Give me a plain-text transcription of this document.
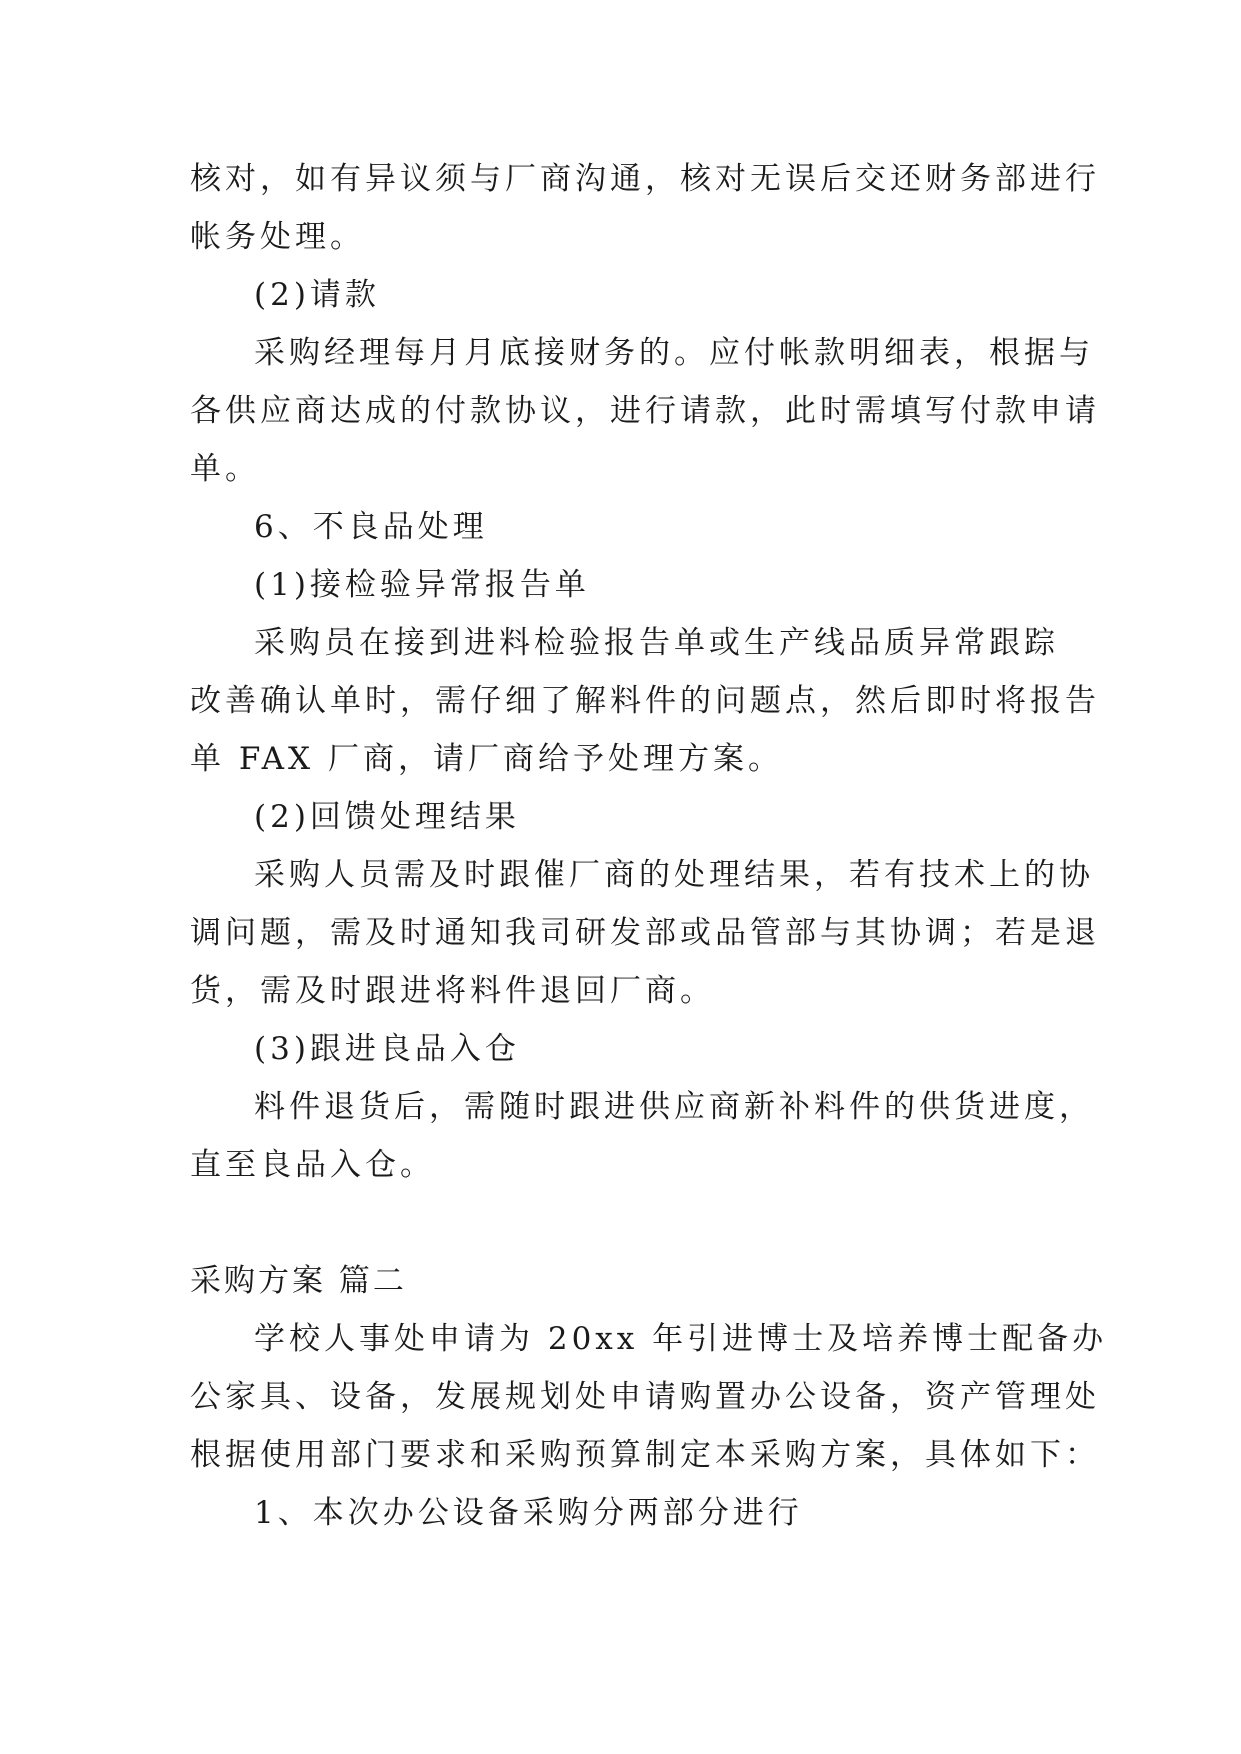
核对，如有异议须与厂商沟通，核对无误后交还财务部进行
帐务处理。
(2)请款
采购经理每月月底接财务的。应付帐款明细表，根据与
各供应商达成的付款协议，进行请款，此时需填写付款申请
单。
6、不良品处理
(1)接检验异常报告单
采购员在接到进料检验报告单或生产线品质异常跟踪
改善确认单时，需仔细了解料件的问题点，然后即时将报告
单 FAX 厂商，请厂商给予处理方案。
(2)回馈处理结果
采购人员需及时跟催厂商的处理结果，若有技术上的协
调问题，需及时通知我司研发部或品管部与其协调；若是退
货，需及时跟进将料件退回厂商。
(3)跟进良品入仓
料件退货后，需随时跟进供应商新补料件的供货进度，
直至良品入仓。
采购方案 篇二
学校人事处申请为 20xx 年引进博士及培养博士配备办
公家具、设备，发展规划处申请购置办公设备，资产管理处
根据使用部门要求和采购预算制定本采购方案，具体如下：
1、本次办公设备采购分两部分进行
